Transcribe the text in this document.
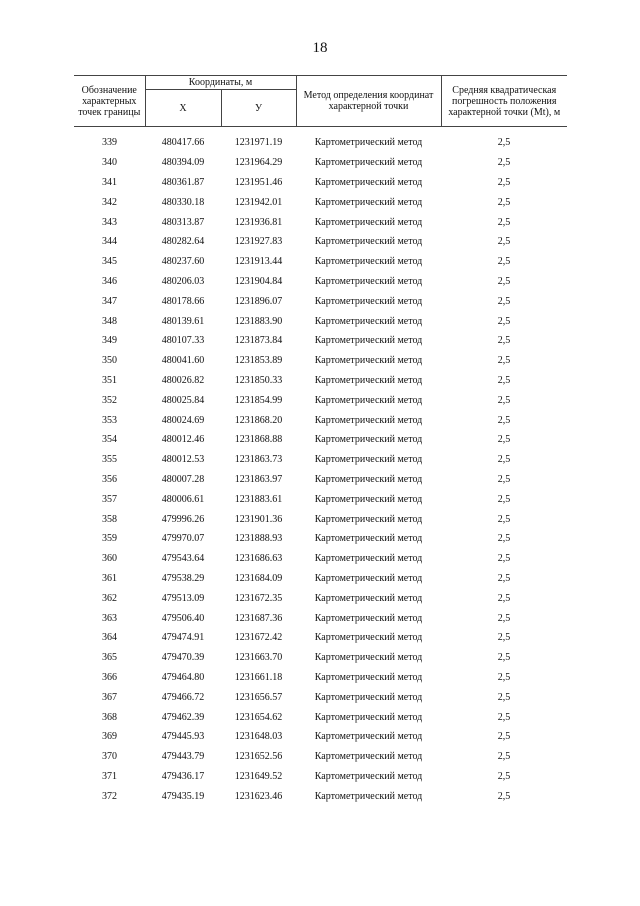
18
Обозначение характерных точек границы	Координаты, м		Метод определения координат характерной точки	Средняя квадратическая погрешность положения характерной точки (Mt), м
	X	У		
339	480417.66	1231971.19	Картометрический метод	2,5
340	480394.09	1231964.29	Картометрический метод	2,5
341	480361.87	1231951.46	Картометрический метод	2,5
342	480330.18	1231942.01	Картометрический метод	2,5
343	480313.87	1231936.81	Картометрический метод	2,5
344	480282.64	1231927.83	Картометрический метод	2,5
345	480237.60	1231913.44	Картометрический метод	2,5
346	480206.03	1231904.84	Картометрический метод	2,5
347	480178.66	1231896.07	Картометрический метод	2,5
348	480139.61	1231883.90	Картометрический метод	2,5
349	480107.33	1231873.84	Картометрический метод	2,5
350	480041.60	1231853.89	Картометрический метод	2,5
351	480026.82	1231850.33	Картометрический метод	2,5
352	480025.84	1231854.99	Картометрический метод	2,5
353	480024.69	1231868.20	Картометрический метод	2,5
354	480012.46	1231868.88	Картометрический метод	2,5
355	480012.53	1231863.73	Картометрический метод	2,5
356	480007.28	1231863.97	Картометрический метод	2,5
357	480006.61	1231883.61	Картометрический метод	2,5
358	479996.26	1231901.36	Картометрический метод	2,5
359	479970.07	1231888.93	Картометрический метод	2,5
360	479543.64	1231686.63	Картометрический метод	2,5
361	479538.29	1231684.09	Картометрический метод	2,5
362	479513.09	1231672.35	Картометрический метод	2,5
363	479506.40	1231687.36	Картометрический метод	2,5
364	479474.91	1231672.42	Картометрический метод	2,5
365	479470.39	1231663.70	Картометрический метод	2,5
366	479464.80	1231661.18	Картометрический метод	2,5
367	479466.72	1231656.57	Картометрический метод	2,5
368	479462.39	1231654.62	Картометрический метод	2,5
369	479445.93	1231648.03	Картометрический метод	2,5
370	479443.79	1231652.56	Картометрический метод	2,5
371	479436.17	1231649.52	Картометрический метод	2,5
372	479435.19	1231623.46	Картометрический метод	2,5
